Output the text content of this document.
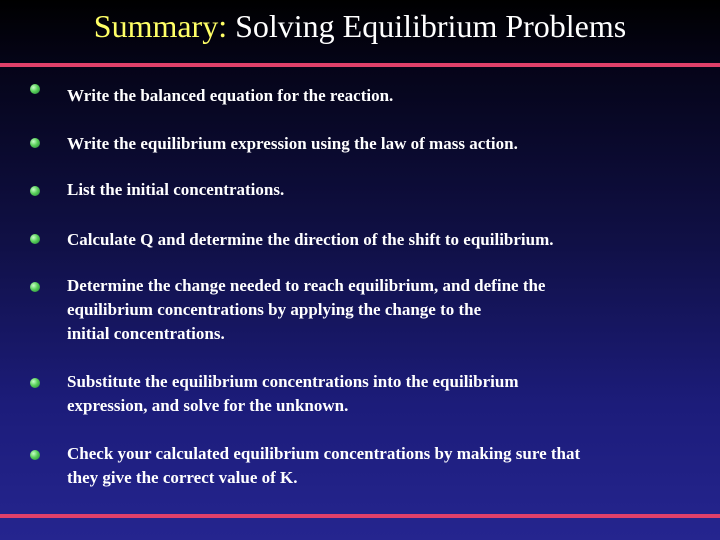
Summary: Solving Equilibrium Problems
Write the balanced equation for the reaction.
Write the equilibrium expression using the law of mass action.
List the initial concentrations.
Calculate Q and determine the direction of the shift to equilibrium.
Determine the change needed to reach equilibrium, and define the
equilibrium concentrations by applying the change to the
initial concentrations.
Substitute the equilibrium concentrations into the equilibrium
expression, and solve for the unknown.
Check your calculated equilibrium concentrations by making sure that
they give the correct value of K.
